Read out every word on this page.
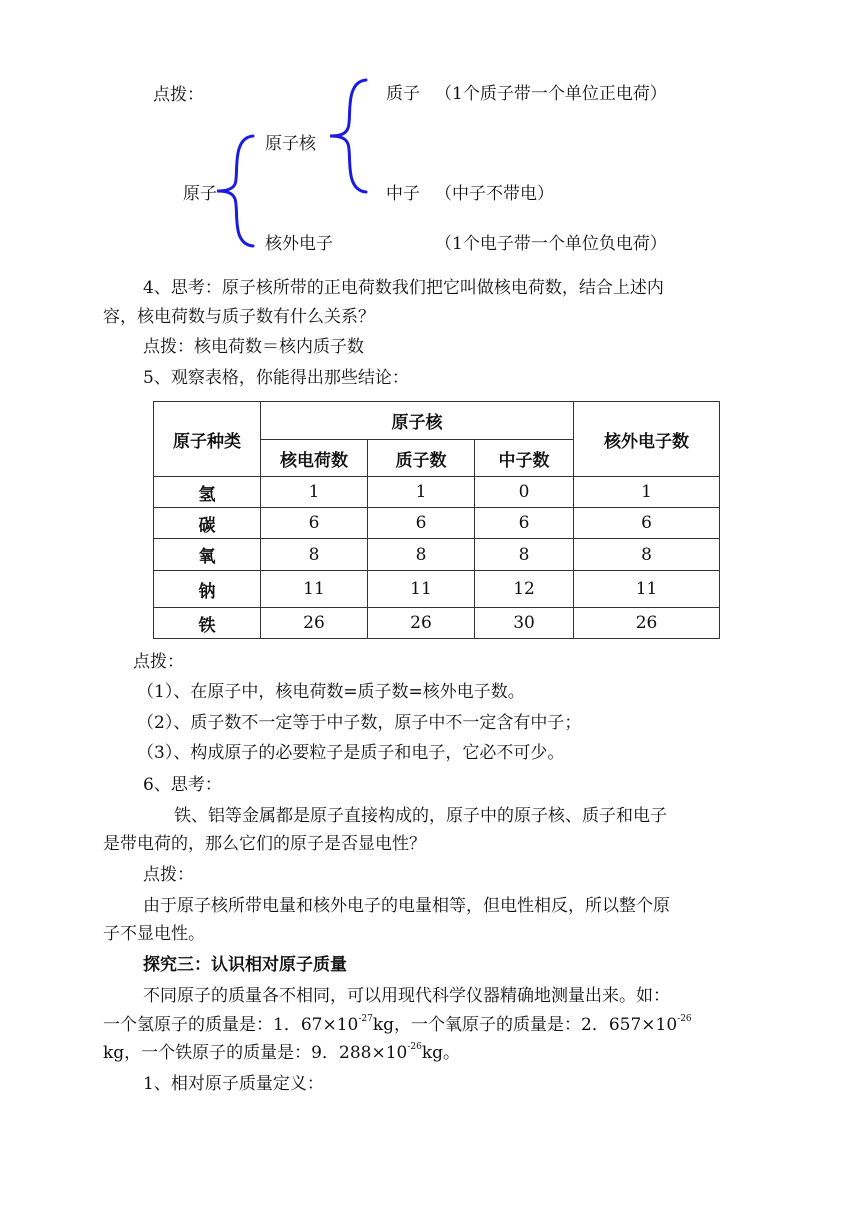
点拨：	质子 （1个质子带一个单位正电荷）
原子核
原子	中子 （中子不带电）
核外电子	（1个电子带一个单位负电荷）
4、思考：原子核所带的正电荷数我们把它叫做核电荷数，结合上述内
容，核电荷数与质子数有什么关系？
点拨：核电荷数＝核内质子数
5、观察表格，你能得出那些结论：
原子种类	原子核			核外电子数
	核电荷数	质子数	中子数	
氢	1	1	0	1
碳	6	6	6	6
氧	8	8	8	8
钠	11	11	12	11
铁	26	26	30	26
点拨：
（1）、在原子中，核电荷数=质子数=核外电子数。
（2）、质子数不一定等于中子数，原子中不一定含有中子；
（3）、构成原子的必要粒子是质子和电子，它必不可少。
6、思考：
铁、铝等金属都是原子直接构成的，原子中的原子核、质子和电子
是带电荷的，那么它们的原子是否显电性？
点拨：
由于原子核所带电量和核外电子的电量相等，但电性相反，所以整个原
子不显电性。
探究三：认识相对原子质量
不同原子的质量各不相同，可以用现代科学仪器精确地测量出来。如：
一个氢原子的质量是：1．$67\times 10^{-27}kg$，一个氧原子的质量是：2．$657\times 10^{-26}$
kg，一个铁原子的质量是：9．$288\times 10^{-26}kg$。
1、相对原子质量定义：
